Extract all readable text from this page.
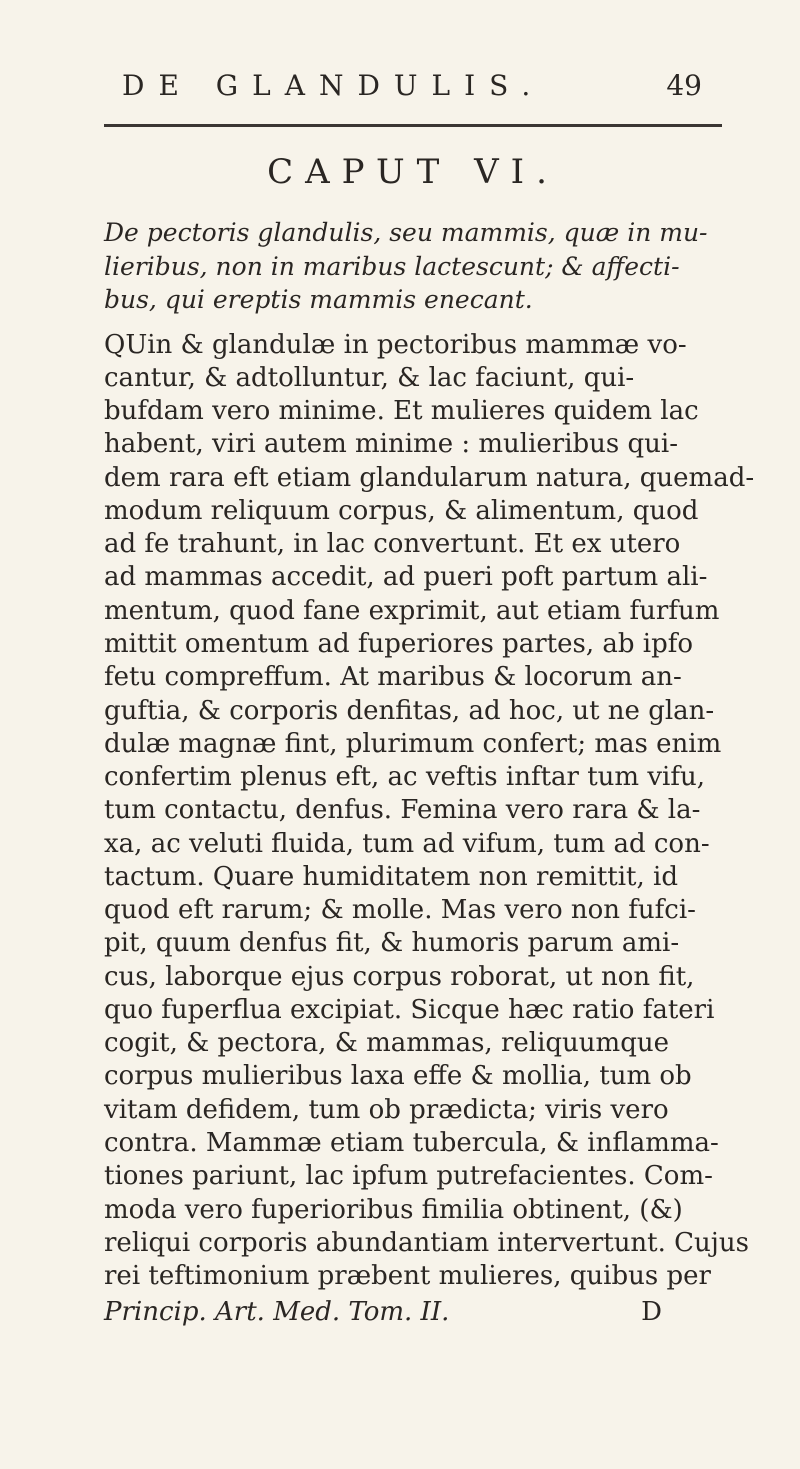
DE GLANDULIS.	49
CAPUT VI.
De pectoris glandulis, seu mammis, quæ in mu-
lieribus, non in maribus lactescunt; & affecti-
bus, qui ereptis mammis enecant.
QUin & glandulæ in pectoribus mammæ vo-
cantur, & adtolluntur, & lac faciunt, qui-
bufdam vero minime. Et mulieres quidem lac
habent, viri autem minime : mulieribus qui-
dem rara eft etiam glandularum natura, quemad-
modum reliquum corpus, & alimentum, quod
ad fe trahunt, in lac convertunt. Et ex utero
ad mammas accedit, ad pueri poft partum ali-
mentum, quod fane exprimit, aut etiam furfum
mittit omentum ad fuperiores partes, ab ipfo
fetu compreffum. At maribus & locorum an-
guftia, & corporis denfitas, ad hoc, ut ne glan-
dulæ magnæ fint, plurimum confert; mas enim
confertim plenus eft, ac veftis inftar tum vifu,
tum contactu, denfus. Femina vero rara & la-
xa, ac veluti fluida, tum ad vifum, tum ad con-
tactum. Quare humiditatem non remittit, id
quod eft rarum; & molle. Mas vero non fufci-
pit, quum denfus fit, & humoris parum ami-
cus, laborque ejus corpus roborat, ut non fit,
quo fuperflua excipiat. Sicque hæc ratio fateri
cogit, & pectora, & mammas, reliquumque
corpus mulieribus laxa effe & mollia, tum ob
vitam defidem, tum ob prædicta; viris vero
contra. Mammæ etiam tubercula, & inflamma-
tiones pariunt, lac ipfum putrefacientes. Com-
moda vero fuperioribus fimilia obtinent, (&)
reliqui corporis abundantiam intervertunt. Cujus
rei teftimonium præbent mulieres, quibus per
Princip. Art. Med. Tom. II.	D
